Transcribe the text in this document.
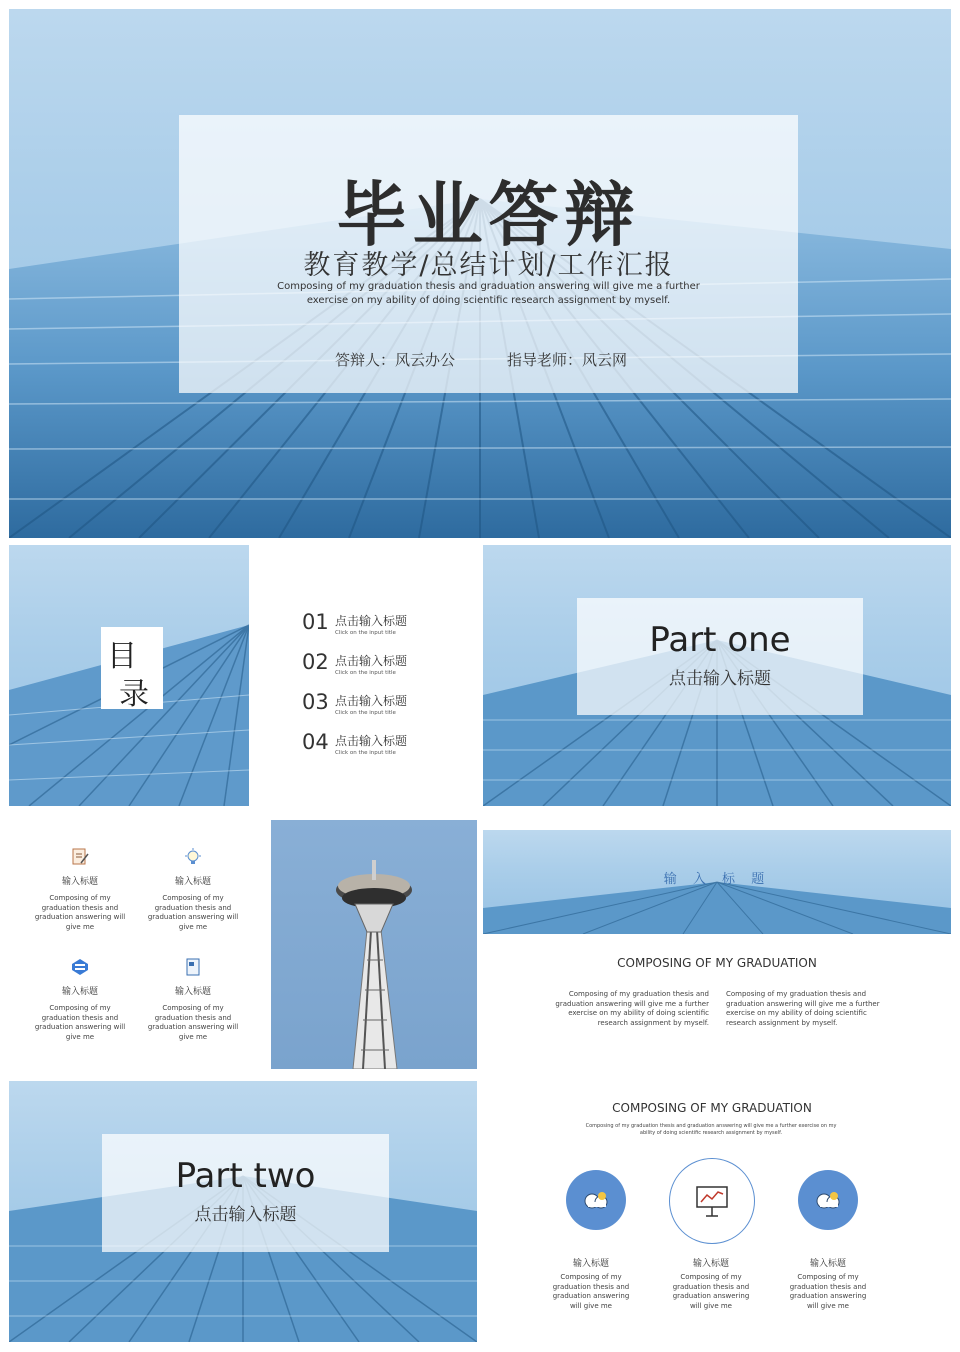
毕业答辩
教育教学/总结计划/工作汇报
Composing of my graduation thesis and graduation answering will give me a further
exercise on my ability of doing scientific research assignment by myself.
答辩人：风云办公	指导老师：风云网
目
录
01 点击输入标题
Click on the input title
02 点击输入标题
Click on the input title
03 点击输入标题
Click on the input title
04 点击输入标题
Click on the input title
Part one
点击输入标题
输入标题
Composing of my graduation thesis and graduation answering will give me
输入标题
Composing of my graduation thesis and graduation answering will give me
输入标题
Composing of my graduation thesis and graduation answering will give me
输入标题
Composing of my graduation thesis and graduation answering will give me
输 入 标 题
COMPOSING OF MY GRADUATION
Composing of my graduation thesis and graduation answering will give me a further exercise on my ability of doing scientific research assignment by myself.
Composing of my graduation thesis and graduation answering will give me a further exercise on my ability of doing scientific research assignment by myself.
Part two
点击输入标题
COMPOSING OF MY GRADUATION
Composing of my graduation thesis and graduation answering will give me a further exercise on my ability of doing scientific research assignment by myself.
输入标题	输入标题	输入标题
Composing of my graduation thesis and graduation answering will give me
Composing of my graduation thesis and graduation answering will give me
Composing of my graduation thesis and graduation answering will give me
